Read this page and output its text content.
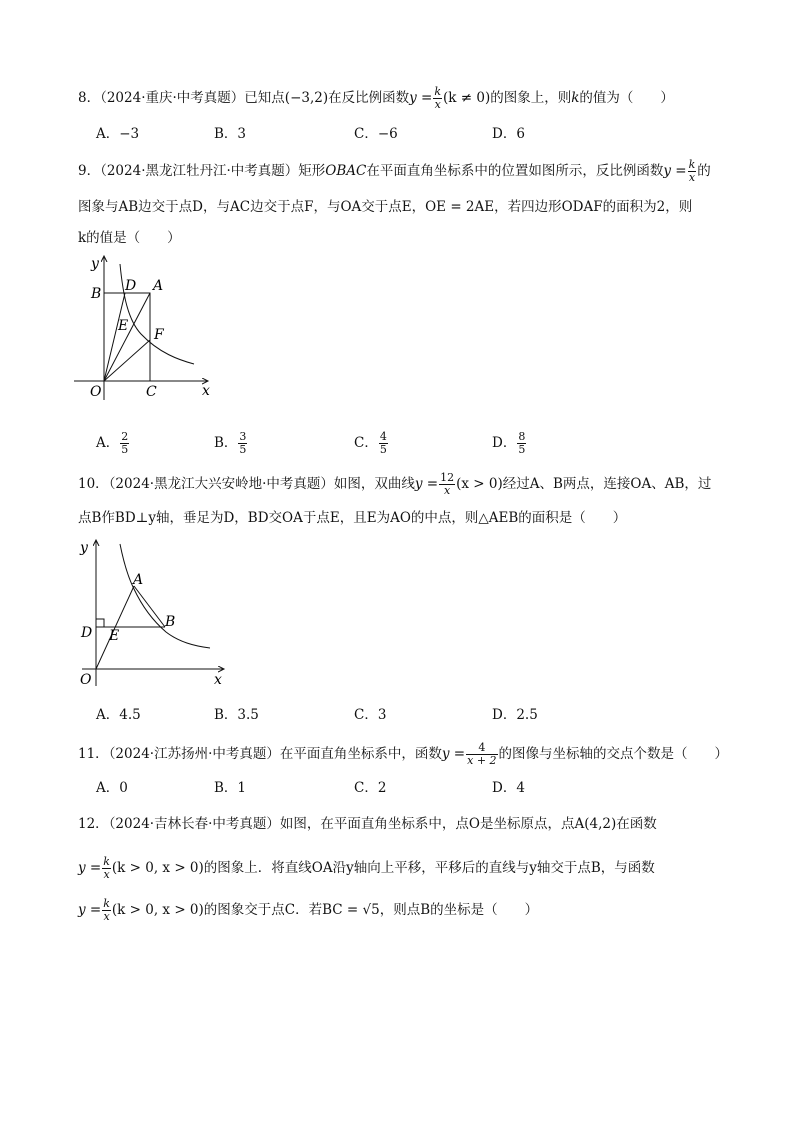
8．（2024·重庆·中考真题）已知点(−3,2)在反比例函数$y = \frac{k}{x} (k \ne 0)$的图象上，则k的值为（　　）
A．−3	B．3	C．−6	D．6
9．（2024·黑龙江牡丹江·中考真题）矩形OBAC在平面直角坐标系中的位置如图所示，反比例函数$y = \frac{k}{x}$ 的
图象与AB边交于点D，与AC边交于点F，与OA交于点E，OE = 2AE，若四边形ODAF的面积为2，则
k的值是（　　）
y
x
O
B D A
E
F
C
A． $\frac{2}{5}$	B． $\frac{3}{5}$	C． $\frac{4}{5}$	D． $\frac{8}{5}$
10．（2024·黑龙江大兴安岭地·中考真题）如图，双曲线$y = \frac{12}{x} (x > 0)$经过A、B两点，连接OA、AB，过
点B作BD⊥y轴，垂足为D，BD交OA于点E，且E为AO的中点，则△AEB的面积是（　　）
y
x
O
A
B
D E
A．4.5	B．3.5	C．3	D．2.5
11．（2024·江苏扬州·中考真题）在平面直角坐标系中，函数$y = \frac{4}{x + 2}$ 的图像与坐标轴的交点个数是（　　）
A．0	B．1	C．2	D．4
12．（2024·吉林长春·中考真题）如图，在平面直角坐标系中，点O是坐标原点，点A(4,2)在函数
$y = \frac{k}{x} (k > 0$, x > 0)的图象上．将直线OA沿y轴向上平移，平移后的直线与y轴交于点B，与函数
$y = \frac{k}{x} (k > 0$, x > 0)的图象交于点C．若BC = √5，则点B的坐标是（　　）
